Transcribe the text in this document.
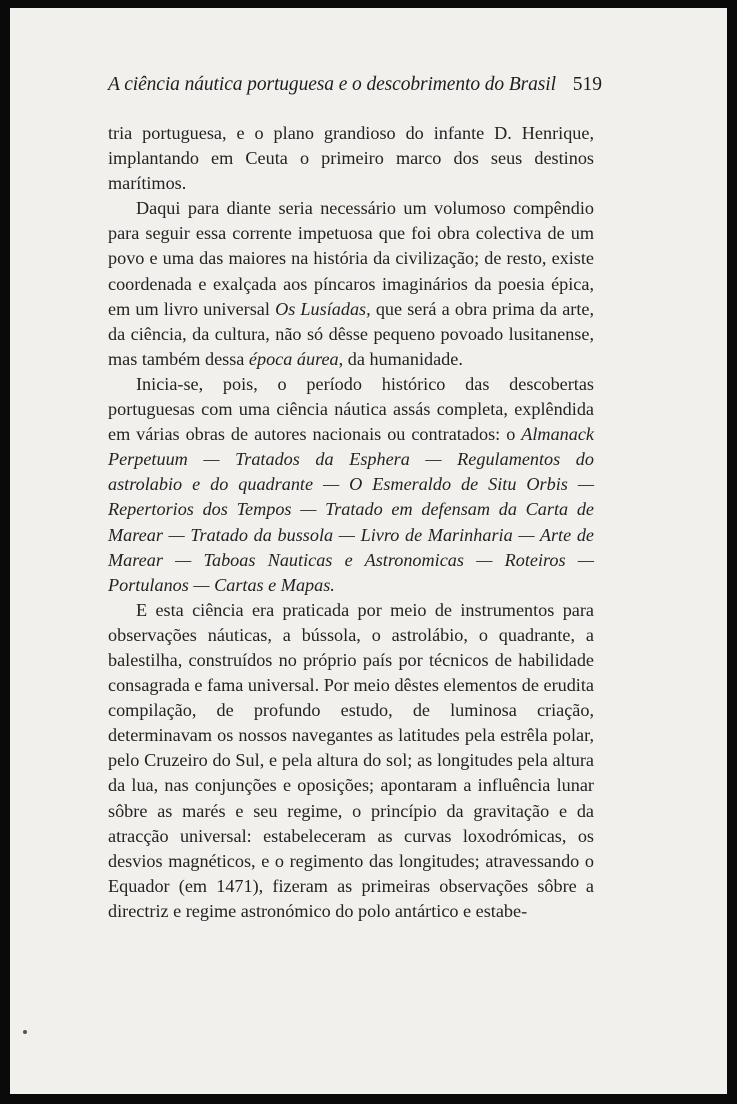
A ciência náutica portuguesa e o descobrimento do Brasil 519

tria portuguesa, e o plano grandioso do infante D. Henrique, implantando em Ceuta o primeiro marco dos seus destinos marítimos.

Daqui para diante seria necessário um volumoso compêndio para seguir essa corrente impetuosa que foi obra colectiva de um povo e uma das maiores na história da civilização; de resto, existe coordenada e exalçada aos píncaros imaginários da poesia épica, em um livro universal Os Lusíadas, que será a obra prima da arte, da ciência, da cultura, não só dêsse pequeno povoado lusitanense, mas também dessa época áurea, da humanidade.

Inicia-se, pois, o período histórico das descobertas portuguesas com uma ciência náutica assás completa, explêndida em várias obras de autores nacionais ou contratados: o Almanack Perpetuum — Tratados da Esphera — Regulamentos do astrolabio e do quadrante — O Esmeraldo de Situ Orbis — Repertorios dos Tempos — Tratado em defensam da Carta de Marear — Tratado da bussola — Livro de Marinharia — Arte de Marear — Taboas Nauticas e Astronomicas — Roteiros — Portulanos — Cartas e Mapas.

E esta ciência era praticada por meio de instrumentos para observações náuticas, a bússola, o astrolábio, o quadrante, a balestilha, construídos no próprio país por técnicos de habilidade consagrada e fama universal. Por meio dêstes elementos de erudita compilação, de profundo estudo, de luminosa criação, determinavam os nossos navegantes as latitudes pela estrêla polar, pelo Cruzeiro do Sul, e pela altura do sol; as longitudes pela altura da lua, nas conjunções e oposições; apontaram a influência lunar sôbre as marés e seu regime, o princípio da gravitação e da atracção universal: estabeleceram as curvas loxodrómicas, os desvios magnéticos, e o regimento das longitudes; atravessando o Equador (em 1471), fizeram as primeiras observações sôbre a directriz e regime astronómico do polo antártico e estabe-
